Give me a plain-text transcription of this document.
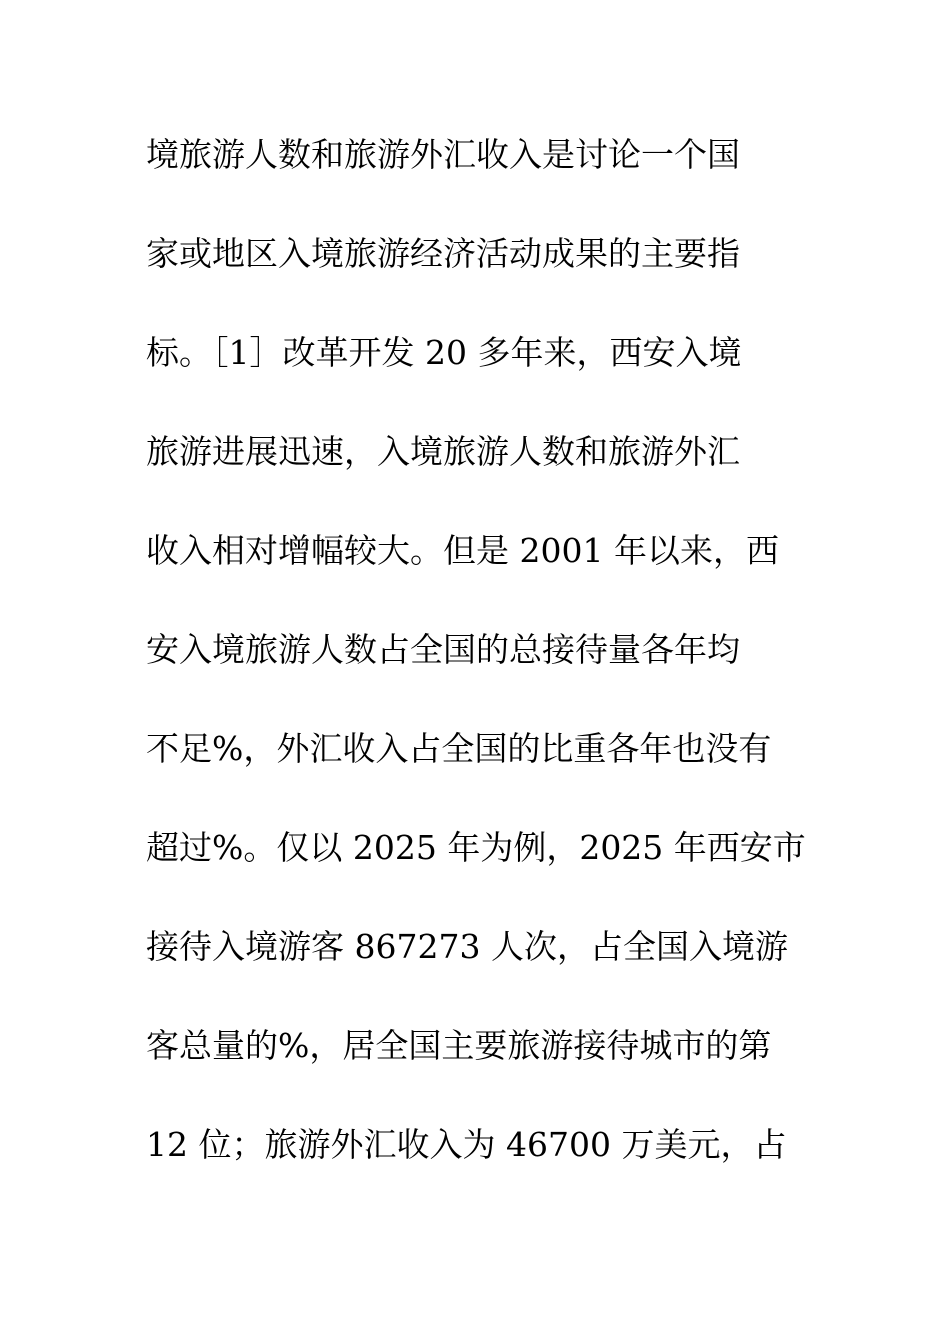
境旅游人数和旅游外汇收入是讨论一个国
家或地区入境旅游经济活动成果的主要指
标。［1］改革开发 20 多年来，西安入境
旅游进展迅速，入境旅游人数和旅游外汇
收入相对增幅较大。但是 2001 年以来，西
安入境旅游人数占全国的总接待量各年均
不足%，外汇收入占全国的比重各年也没有
超过%。仅以 2025 年为例，2025 年西安市
接待入境游客 867273 人次，占全国入境游
客总量的%，居全国主要旅游接待城市的第
12 位；旅游外汇收入为 46700 万美元，占
